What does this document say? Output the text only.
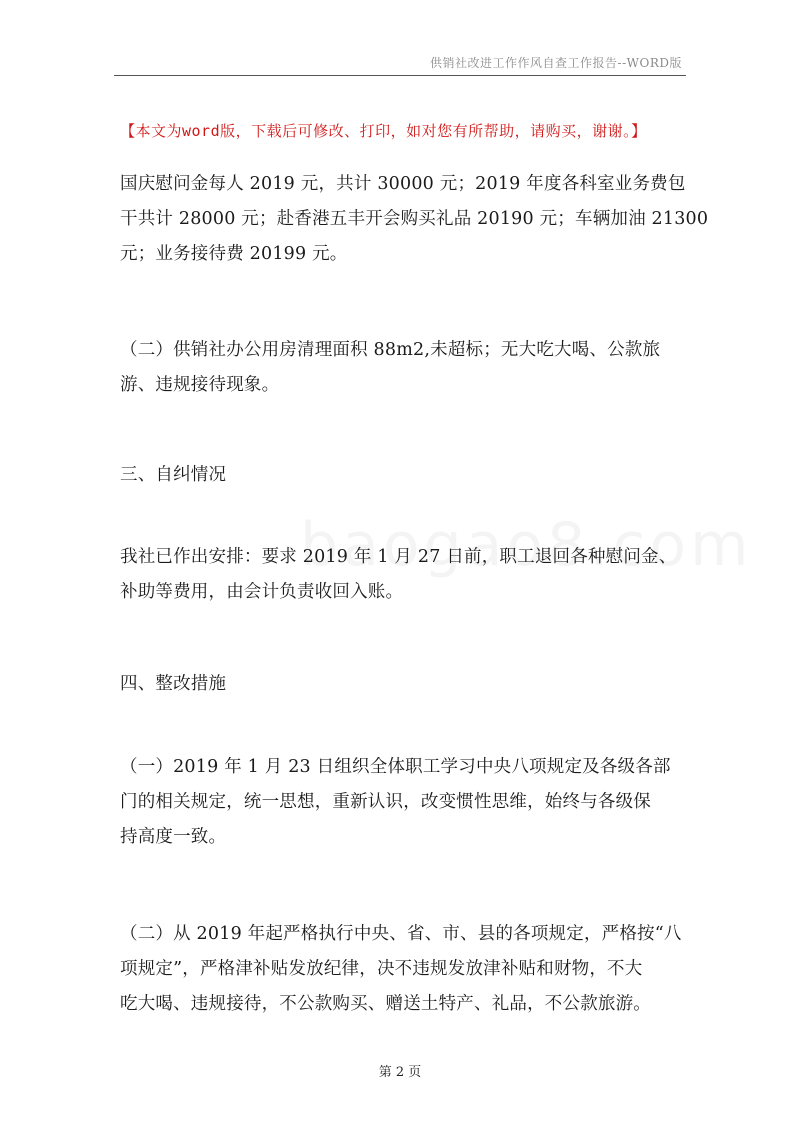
供销社改进工作作风自查工作报告--WORD版
【本文为word版，下载后可修改、打印，如对您有所帮助，请购买，谢谢。】
国庆慰问金每人 2019 元，共计 30000 元；2019 年度各科室业务费包
干共计 28000 元；赴香港五丰开会购买礼品 20190 元；车辆加油 21300
元；业务接待费 20199 元。
（二）供销社办公用房清理面积 88m2,未超标；无大吃大喝、公款旅
游、违规接待现象。
三、自纠情况
我社已作出安排：要求 2019 年 1 月 27 日前，职工退回各种慰问金、
补助等费用，由会计负责收回入账。
四、整改措施
（一）2019 年 1 月 23 日组织全体职工学习中央八项规定及各级各部
门的相关规定，统一思想，重新认识，改变惯性思维，始终与各级保
持高度一致。
（二）从 2019 年起严格执行中央、省、市、县的各项规定，严格按“八
项规定”，严格津补贴发放纪律，决不违规发放津补贴和财物，不大
吃大喝、违规接待，不公款购买、赠送土特产、礼品，不公款旅游。
第 2 页
